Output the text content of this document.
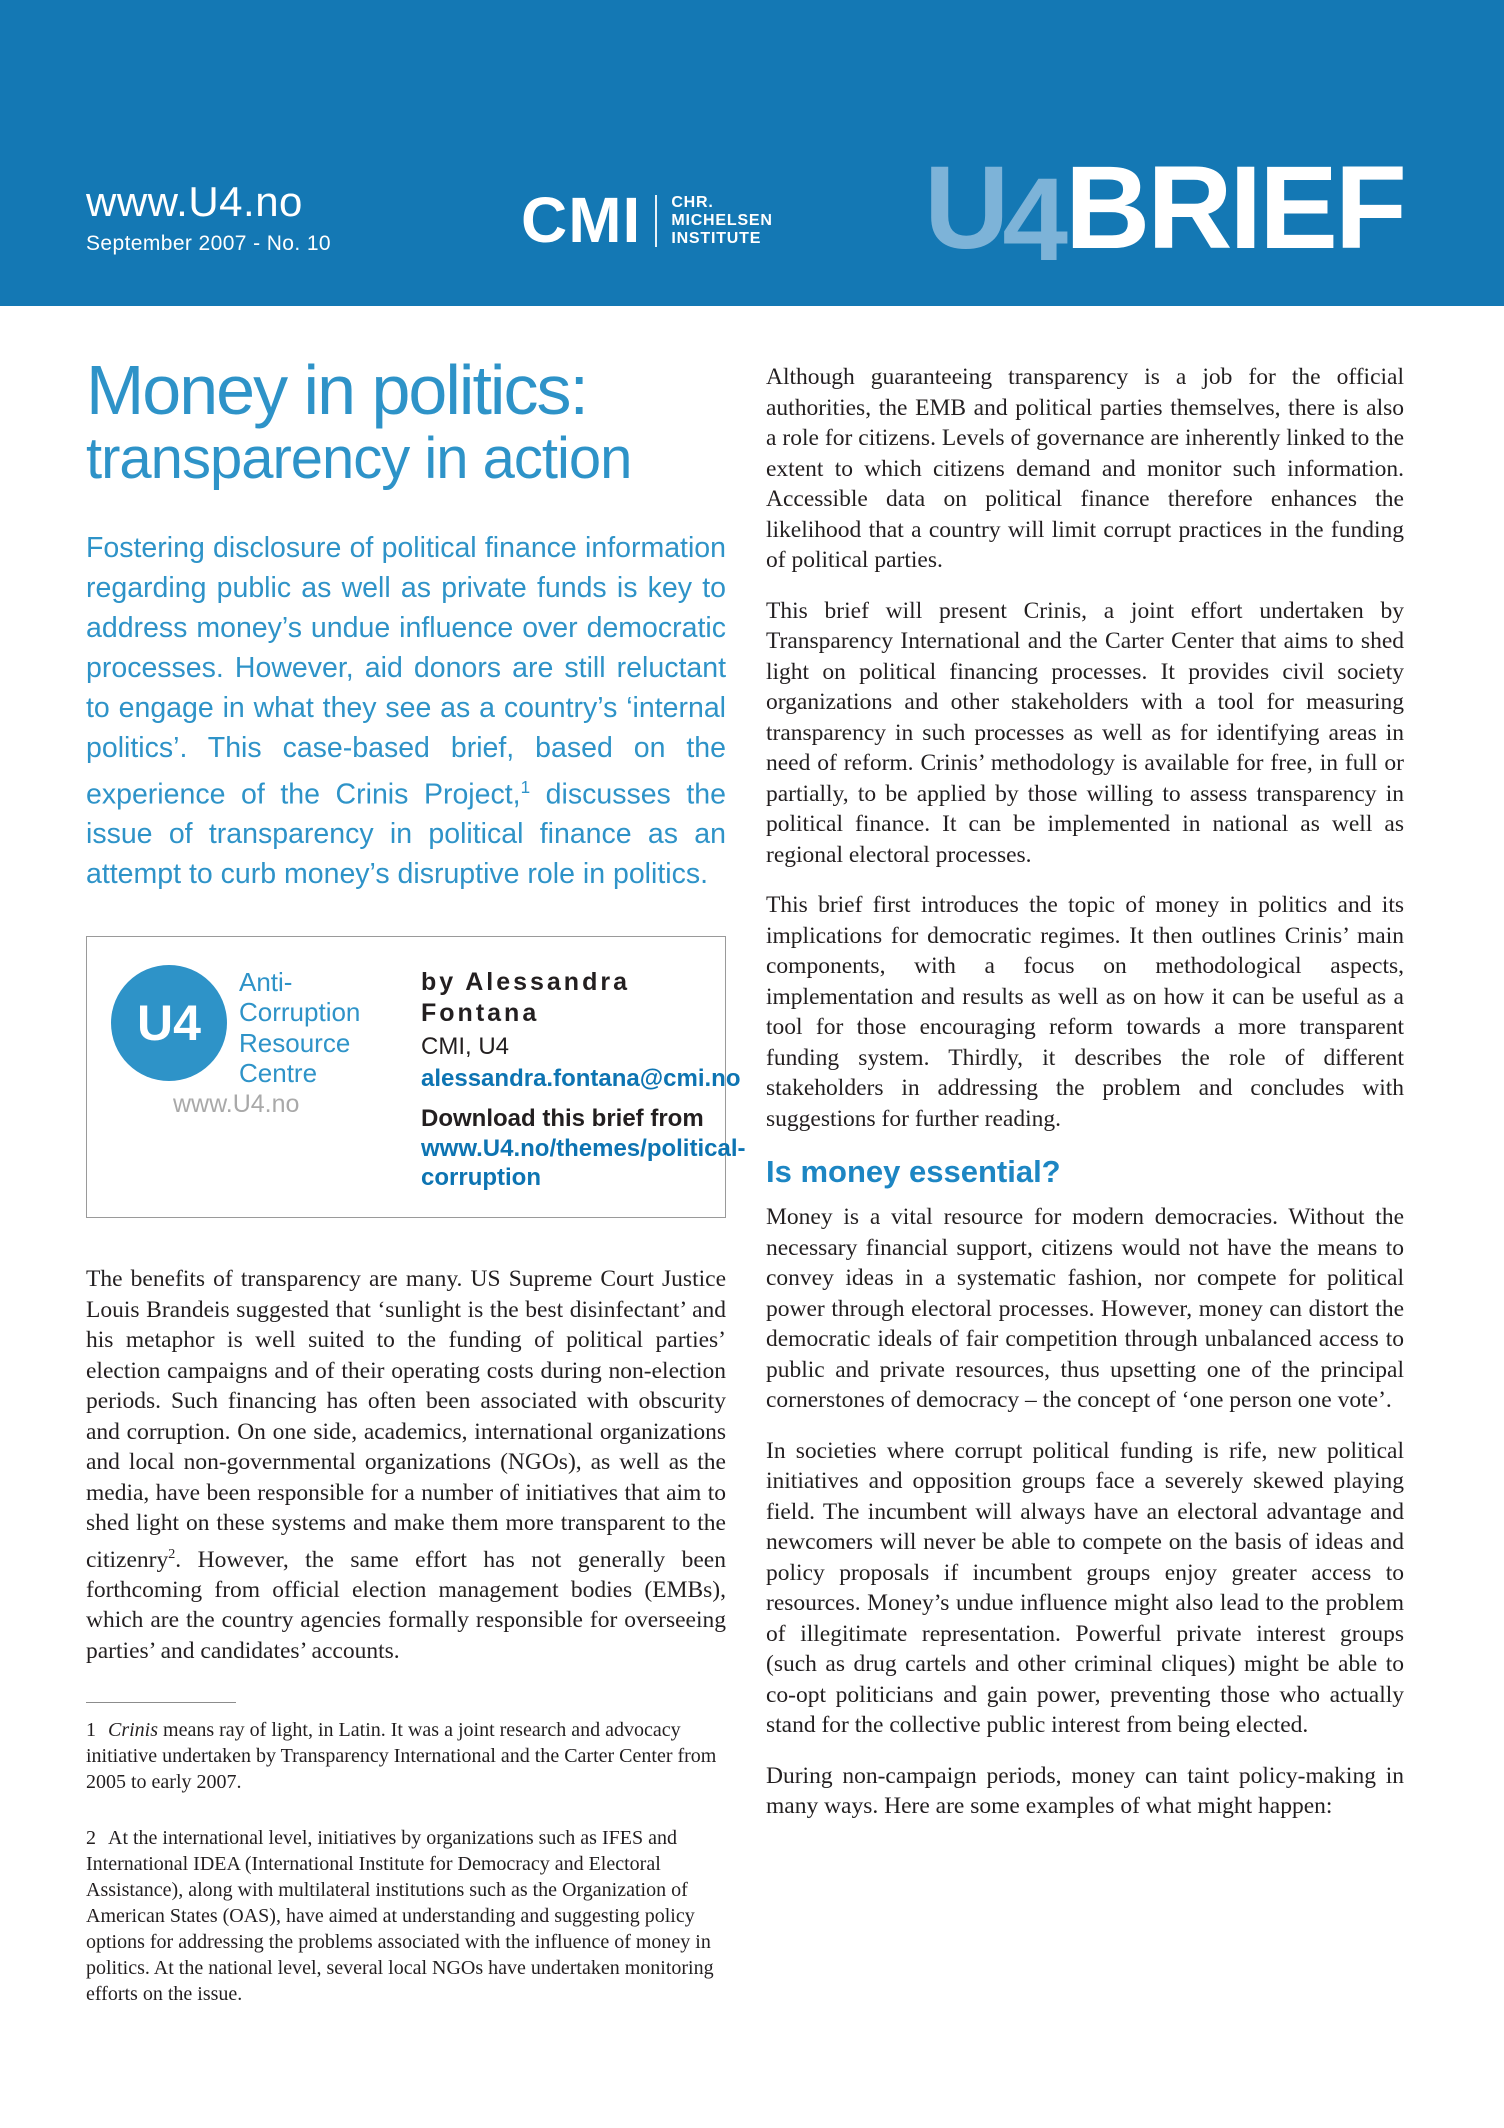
www.U4.no
September 2007 - No. 10	CMI CHR.
MICHELSEN
INSTITUTE U4BRIEF
Money in politics:
transparency in action

Fostering disclosure of political finance information regarding public as well as private funds is key to address money’s undue influence over democratic processes. However, aid donors are still reluctant to engage in what they see as a country’s ‘internal politics’. This case-based brief, based on the experience of the Crinis Project,$^1$ discusses the issue of transparency in political finance as an attempt to curb money’s disruptive role in politics.

U4
Anti-
Corruption
Resource
Centre
www.U4.no
by Alessandra Fontana
CMI, U4
alessandra.fontana@cmi.no
Download this brief from
www.U4.no/themes/political-
corruption

The benefits of transparency are many. US Supreme Court Justice Louis Brandeis suggested that ‘sunlight is the best disinfectant’ and his metaphor is well suited to the funding of political parties’ election campaigns and of their operating costs during non-election periods. Such financing has often been associated with obscurity and corruption. On one side, academics, international organizations and local non-governmental organizations (NGOs), as well as the media, have been responsible for a number of initiatives that aim to shed light on these systems and make them more transparent to the citizenry$^2$. However, the same effort has not generally been forthcoming from official election management bodies (EMBs), which are the country agencies formally responsible for overseeing parties’ and candidates’ accounts.

1 Crinis means ray of light, in Latin. It was a joint research and advocacy initiative undertaken by Transparency International and the Carter Center from 2005 to early 2007.

2 At the international level, initiatives by organizations such as IFES and International IDEA (International Institute for Democracy and Electoral Assistance), along with multilateral institutions such as the Organization of American States (OAS), have aimed at understanding and suggesting policy options for addressing the problems associated with the influence of money in politics. At the national level, several local NGOs have undertaken monitoring efforts on the issue.

Although guaranteeing transparency is a job for the official authorities, the EMB and political parties themselves, there is also a role for citizens. Levels of governance are inherently linked to the extent to which citizens demand and monitor such information. Accessible data on political finance therefore enhances the likelihood that a country will limit corrupt practices in the funding of political parties.

This brief will present Crinis, a joint effort undertaken by Transparency International and the Carter Center that aims to shed light on political financing processes. It provides civil society organizations and other stakeholders with a tool for measuring transparency in such processes as well as for identifying areas in need of reform. Crinis’ methodology is available for free, in full or partially, to be applied by those willing to assess transparency in political finance. It can be implemented in national as well as regional electoral processes.

This brief first introduces the topic of money in politics and its implications for democratic regimes. It then outlines Crinis’ main components, with a focus on methodological aspects, implementation and results as well as on how it can be useful as a tool for those encouraging reform towards a more transparent funding system. Thirdly, it describes the role of different stakeholders in addressing the problem and concludes with suggestions for further reading.

Is money essential?

Money is a vital resource for modern democracies. Without the necessary financial support, citizens would not have the means to convey ideas in a systematic fashion, nor compete for political power through electoral processes. However, money can distort the democratic ideals of fair competition through unbalanced access to public and private resources, thus upsetting one of the principal cornerstones of democracy – the concept of ‘one person one vote’.

In societies where corrupt political funding is rife, new political initiatives and opposition groups face a severely skewed playing field. The incumbent will always have an electoral advantage and newcomers will never be able to compete on the basis of ideas and policy proposals if incumbent groups enjoy greater access to resources. Money’s undue influence might also lead to the problem of illegitimate representation. Powerful private interest groups (such as drug cartels and other criminal cliques) might be able to co-opt politicians and gain power, preventing those who actually stand for the collective public interest from being elected.

During non-campaign periods, money can taint policy-making in many ways. Here are some examples of what might happen:
